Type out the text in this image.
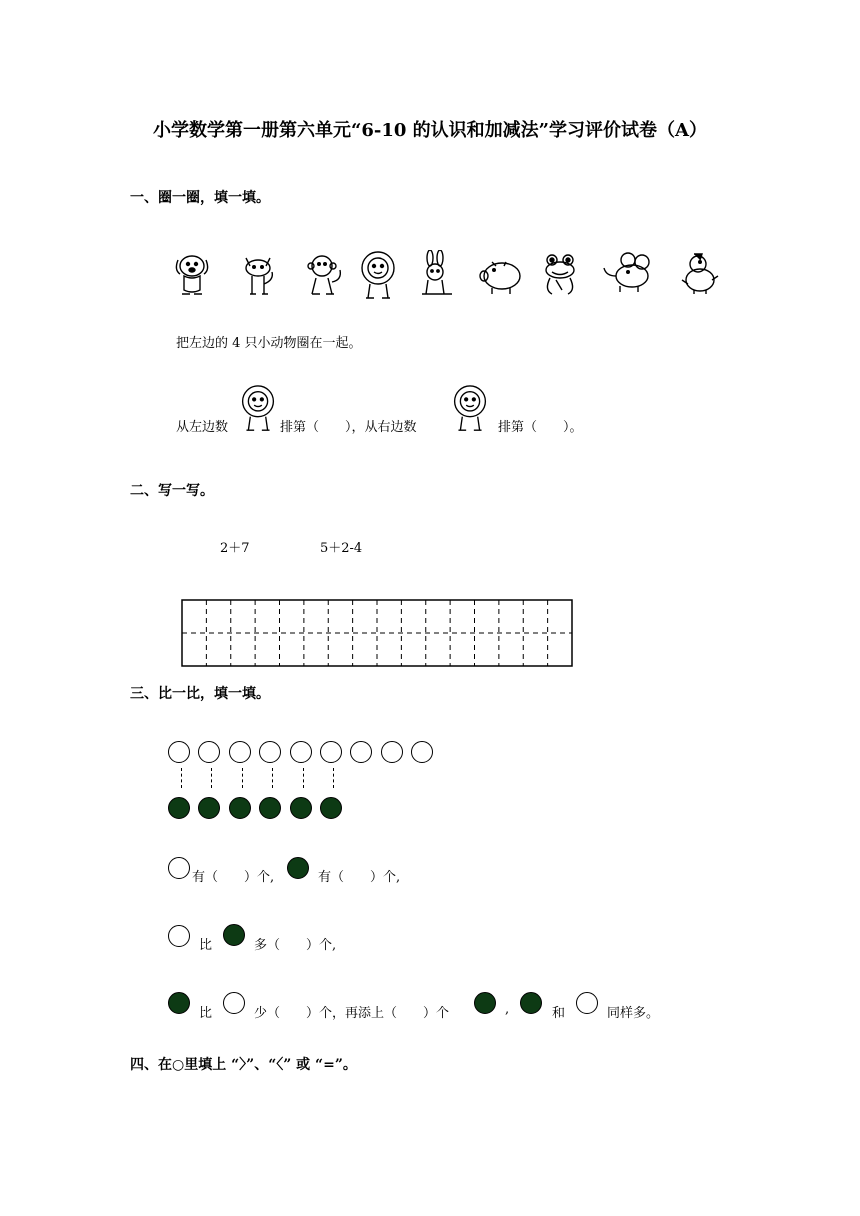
小学数学第一册第六单元“6-10 的认识和加减法”学习评价试卷（A）
一、圈一圈，填一填。
把左边的 4 只小动物圈在一起。
从左边数	排第（　　），从右边数	排第（　　）。
二、写一写。
2＋7	5＋2-4
三、比一比，填一填。
有（　　）个,	有（　　）个,
比	多（　　）个,
比	少（　　）个，再添上（　　）个	,	和	同样多。
四、在○里填上 “〉”、“〈” 或 “=”。
